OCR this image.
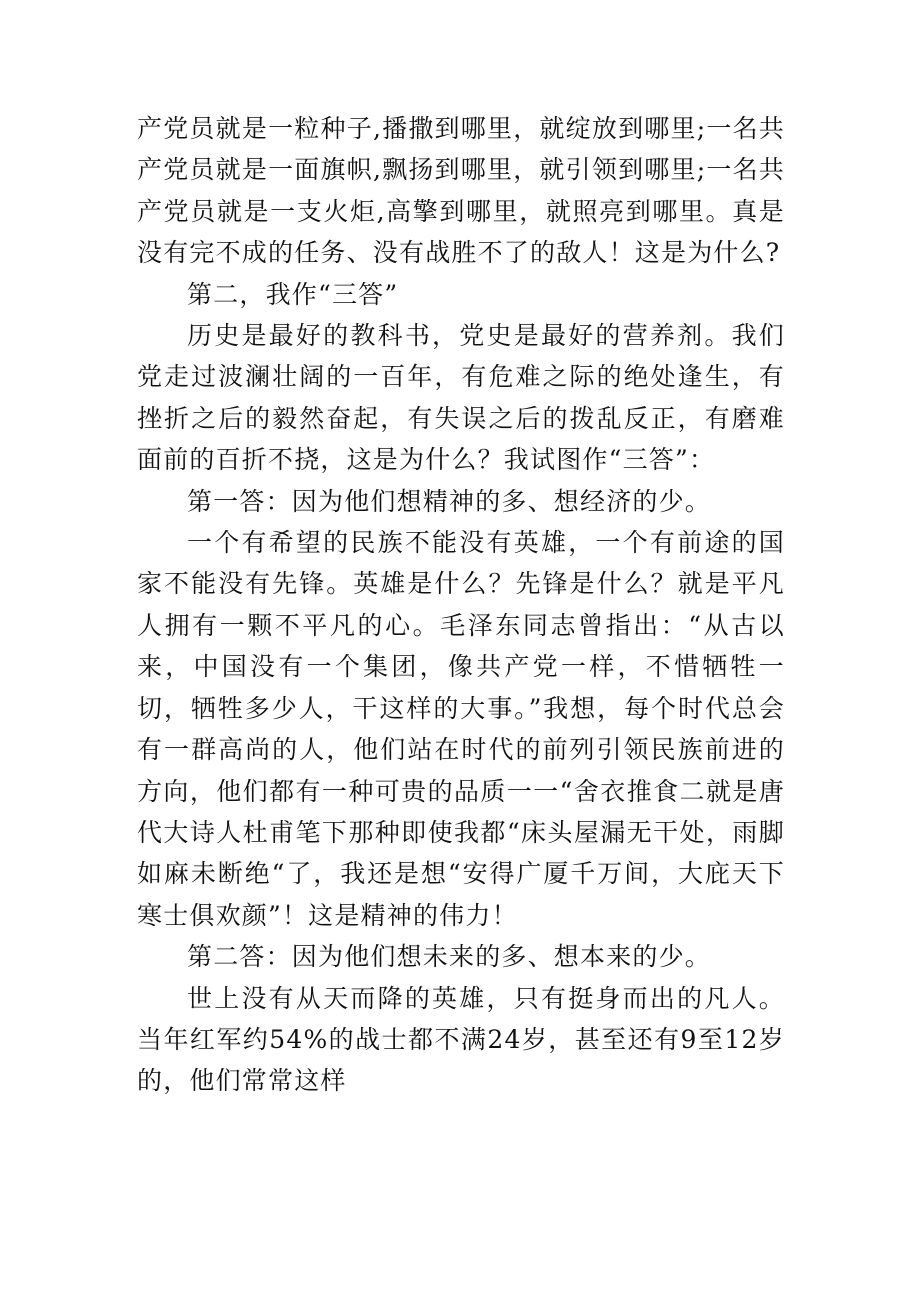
产党员就是一粒种子,播撒到哪里，就绽放到哪里;一名共产党员就是一面旗帜,飘扬到哪里，就引领到哪里;一名共产党员就是一支火炬,高擎到哪里，就照亮到哪里。真是没有完不成的任务、没有战胜不了的敌人！这是为什么?

第二，我作“三答”

历史是最好的教科书，党史是最好的营养剂。我们党走过波澜壮阔的一百年，有危难之际的绝处逢生，有挫折之后的毅然奋起，有失误之后的拨乱反正，有磨难面前的百折不挠，这是为什么？我试图作“三答”：

第一答：因为他们想精神的多、想经济的少。

一个有希望的民族不能没有英雄，一个有前途的国家不能没有先锋。英雄是什么？先锋是什么？就是平凡人拥有一颗不平凡的心。毛泽东同志曾指出：“从古以来，中国没有一个集团，像共产党一样，不惜牺牲一切，牺牲多少人，干这样的大事。”我想，每个时代总会有一群高尚的人，他们站在时代的前列引领民族前进的方向，他们都有一种可贵的品质一一“舍衣推食二就是唐代大诗人杜甫笔下那种即使我都“床头屋漏无干处，雨脚如麻未断绝“了，我还是想“安得广厦千万间，大庇天下寒士俱欢颜”！这是精神的伟力！

第二答：因为他们想未来的多、想本来的少。

世上没有从天而降的英雄，只有挺身而出的凡人。当年红军约54%的战士都不满24岁，甚至还有9至12岁的，他们常常这样
